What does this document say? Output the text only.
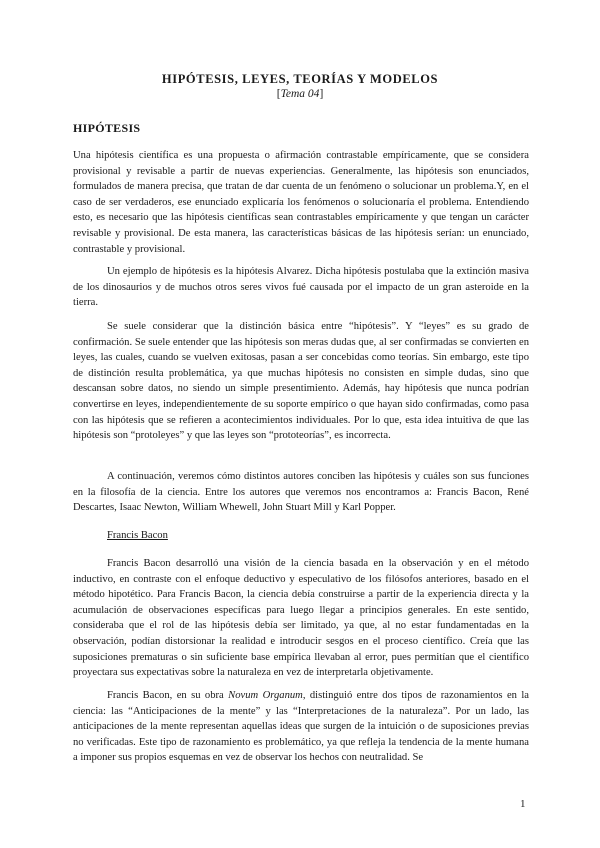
HIPÓTESIS, LEYES, TEORÍAS Y MODELOS
[Tema 04]
HIPÓTESIS

Una hipótesis científica es una propuesta o afirmación contrastable empíricamente, que se considera provisional y revisable a partir de nuevas experiencias. Generalmente, las hipótesis son enunciados, formulados de manera precisa, que tratan de dar cuenta de un fenómeno o solucionar un problema.Y, en el caso de ser verdaderos, ese enunciado explicaría los fenómenos o solucionaría el problema. Entendiendo esto, es necesario que las hipótesis científicas sean contrastables empíricamente y que tengan un carácter revisable y provisional. De esta manera, las características básicas de las hipótesis serían: un enunciado, contrastable y provisional.

Un ejemplo de hipótesis es la hipótesis Alvarez. Dicha hipótesis postulaba que la extinción masiva de los dinosaurios y de muchos otros seres vivos fué causada por el impacto de un gran asteroide en la tierra.

Se suele considerar que la distinción básica entre “hipótesis”. Y “leyes” es su grado de confirmación. Se suele entender que las hipótesis son meras dudas que, al ser confirmadas se convierten en leyes, las cuales, cuando se vuelven exitosas, pasan a ser concebidas como teorías. Sin embargo, este tipo de distinción resulta problemática, ya que muchas hipótesis no consisten en simple dudas, sino que descansan sobre datos, no siendo un simple presentimiento. Además, hay hipótesis que nunca podrían convertirse en leyes, independientemente de su soporte empírico o que hayan sido confirmadas, como pasa con las hipótesis que se refieren a acontecimientos individuales. Por lo que, esta idea intuitiva de que las hipótesis son “protoleyes” y que las leyes son “prototeorías”, es incorrecta.

A continuación, veremos cómo distintos autores conciben las hipótesis y cuáles son sus funciones en la filosofía de la ciencia. Entre los autores que veremos nos encontramos a: Francis Bacon, René Descartes, Isaac Newton, William Whewell, John Stuart Mill y Karl Popper.

Francis Bacon

Francis Bacon desarrolló una visión de la ciencia basada en la observación y en el método inductivo, en contraste con el enfoque deductivo y especulativo de los filósofos anteriores, basado en el método hipotético. Para Francis Bacon, la ciencia debía construirse a partir de la experiencia directa y la acumulación de observaciones específicas para luego llegar a principios generales. En este sentido, consideraba que el rol de las hipótesis debía ser limitado, ya que, al no estar fundamentadas en la observación, podían distorsionar la realidad e introducir sesgos en el proceso científico. Creía que las suposiciones prematuras o sin suficiente base empírica llevaban al error, pues permitían que el científico proyectara sus expectativas sobre la naturaleza en vez de interpretarla objetivamente.

Francis Bacon, en su obra Novum Organum, distinguió entre dos tipos de razonamientos en la ciencia: las “Anticipaciones de la mente” y las “Interpretaciones de la naturaleza”. Por un lado, las anticipaciones de la mente representan aquellas ideas que surgen de la intuición o de suposiciones previas no verificadas. Este tipo de razonamiento es problemático, ya que refleja la tendencia de la mente humana a imponer sus propios esquemas en vez de observar los hechos con neutralidad. Se

1
